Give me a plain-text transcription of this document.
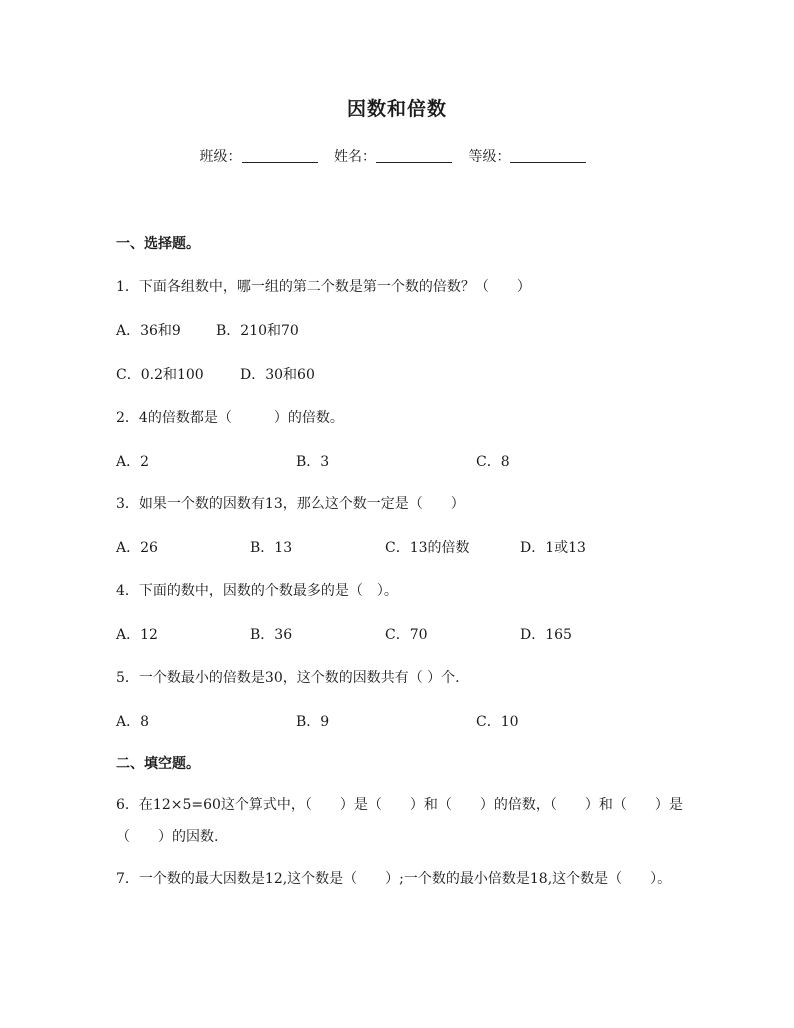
因数和倍数
班级：	姓名：	等级：
一、选择题。
1．下面各组数中，哪一组的第二个数是第一个数的倍数？（　　）
A．36和9	B．210和70
C．0.2和100	D．30和60
2．4的倍数都是（　　　）的倍数。
A．2	B．3	C．8
3．如果一个数的因数有13，那么这个数一定是（　　）
A．26	B．13	C．13的倍数	D．1或13
4．下面的数中，因数的个数最多的是（　）。
A．12	B．36	C．70	D．165
5．一个数最小的倍数是30，这个数的因数共有（ ）个.
A．8	B．9	C．10
二、填空题。
6．在12×5=60这个算式中，（　　）是（　　）和（　　）的倍数，（　　）和（　　）是（　　）的因数.
7．一个数的最大因数是12,这个数是（　　）;一个数的最小倍数是18,这个数是（　　）。
